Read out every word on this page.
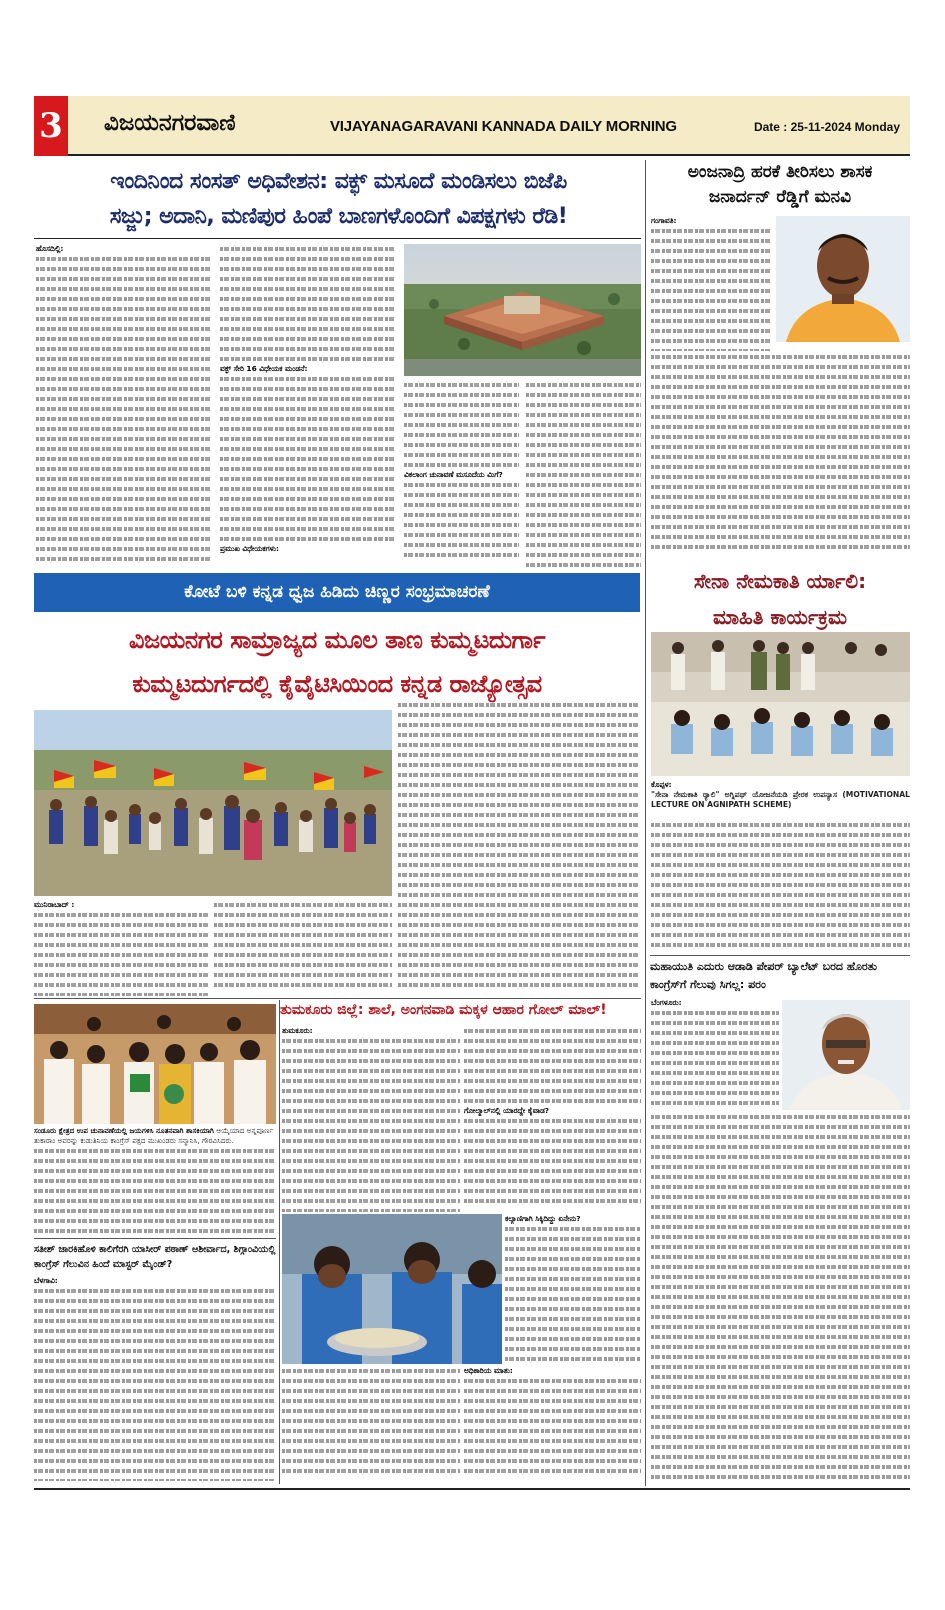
3 ವಿಜಯನಗರವಾಣಿ	VIJAYANAGARAVANI KANNADA DAILY MORNING	Date : 25-11-2024 Monday
ಇಂದಿನಿಂದ ಸಂಸತ್ ಅಧಿವೇಶನ: ವಕ್ಫ್ ಮಸೂದೆ ಮಂಡಿಸಲು ಬಿಜೆಪಿ
ಸಜ್ಜು; ಅದಾನಿ, ಮಣಿಪುರ ಹಿಂಪೆ ಬಾಣಗಳೊಂದಿಗೆ ವಿಪಕ್ಷಗಳು ರೆಡಿ!
ಹೊಸದಿಲ್ಲಿ:
ವಕ್ಫ್ ಸೇರಿ 16 ವಿಧೇಯಕ ಮಂಡನೆ:
ಪ್ರಮುಖ ವಿಧೇಯಕಗಳು:
ವಿಕಲಾಂಗ ಚುನಾವಣೆ ಮಸೂದೆಯ ಮಿಗೆ?
ಅಂಜನಾದ್ರಿ ಹರಕೆ ತೀರಿಸಲು ಶಾಸಕ
ಜನಾರ್ದನ್ ರೆಡ್ಡಿಗೆ ಮನವಿ
ಗಂಗಾವತಿ:
ಕೋಟೆ ಬಳಿ ಕನ್ನಡ ಧ್ವಜ ಹಿಡಿದು ಚಿಣ್ಣರ ಸಂಭ್ರಮಾಚರಣೆ
ವಿಜಯನಗರ ಸಾಮ್ರಾಜ್ಯದ ಮೂಲ ತಾಣ ಕುಮ್ಮಟದುರ್ಗಾ
ಕುಮ್ಮಟದುರ್ಗದಲ್ಲಿ ಕೈವೈಟಿಸಿಯಿಂದ ಕನ್ನಡ ರಾಜ್ಯೋತ್ಸವ
ಮುನಿರಾಬಾದ್ :
ಸೇನಾ ನೇಮಕಾತಿ ರ್ಯಾಲಿ:
ಮಾಹಿತಿ ಕಾರ್ಯಕ್ರಮ
ಕೊಪ್ಪಳ:
"ಸೇನಾ ನೇಮಕಾತಿ ರ‍್ಯಾಲಿ" ಅಗ್ನಿಪಥ್ ಯೋಜನೆಯಡಿ ಪ್ರೇರಕ ಉಪನ್ಯಾಸ (MOTIVATIONAL LECTURE ON AGNIPATH SCHEME)
ಮಹಾಯುತಿ ಎದುರು ಆಡಾಡಿ ಪೇಪರ್ ಬ್ಯಾಲೆಟ್ ಬರದ ಹೊರತು ಕಾಂಗ್ರೆಸ್‌ಗೆ ಗೆಲುವು ಸಿಗಲ್ಲ: ಪರಂ
ಬೆಂಗಳೂರು:
ಸಂಡೂರು ಕ್ಷೇತ್ರದ ಉಪ ಚುನಾವಣೆಯಲ್ಲಿ ಜಯಗಳಿಸಿ ನೂತನವಾಗಿ ಶಾಸಕಿಯಾಗಿ ಆಯ್ಕೆಯಾದ ಅನ್ನಪೂರ್ಣ ತುಕಾರಾಂ ಅವರನ್ನು ಕುಡುತಿನಿಯ ಕಾಂಗ್ರೆಸ್ ಪಕ್ಷದ ಮುಖಂಡರು ಸನ್ಮಾನಿಸಿ, ಗೌರವಿಸಿದರು.
ಸತೀಶ್ ಜಾರಕಿಹೊಳಿ ಕಾಲಿಗೆರಗಿ ಯಾಸೀರ್ ಪಠಾಣ್ ಆಶೀರ್ವಾದ, ಶಿಗ್ಗಾಂವಿಯಲ್ಲಿ ಕಾಂಗ್ರೆಸ್ ಗೆಲುವಿನ ಹಿಂದೆ ಮಾಸ್ಟರ್ ಮೈಂಡ್?
ಬೆಳಗಾವಿ:
ತುಮಕೂರು ಜಿಲ್ಲೆ: ಶಾಲೆ, ಅಂಗನವಾಡಿ ಮಕ್ಕಳ ಆಹಾರ ಗೋಲ್ ಮಾಲ್!
ತುಮಕೂರು:
ಗೋಲ್ಮಾಲ್‌ನಲ್ಲಿ ಯಾರದ್ದೇ ಕೈವಾಡ?
ಕಲ್ಯಾಣಿಗಾಗಿ ಸಿಕ್ಕಿದಿದ್ದು ಏನೇನು?
ಅಧಿಕಾರಿಯ ಮಾತು:
